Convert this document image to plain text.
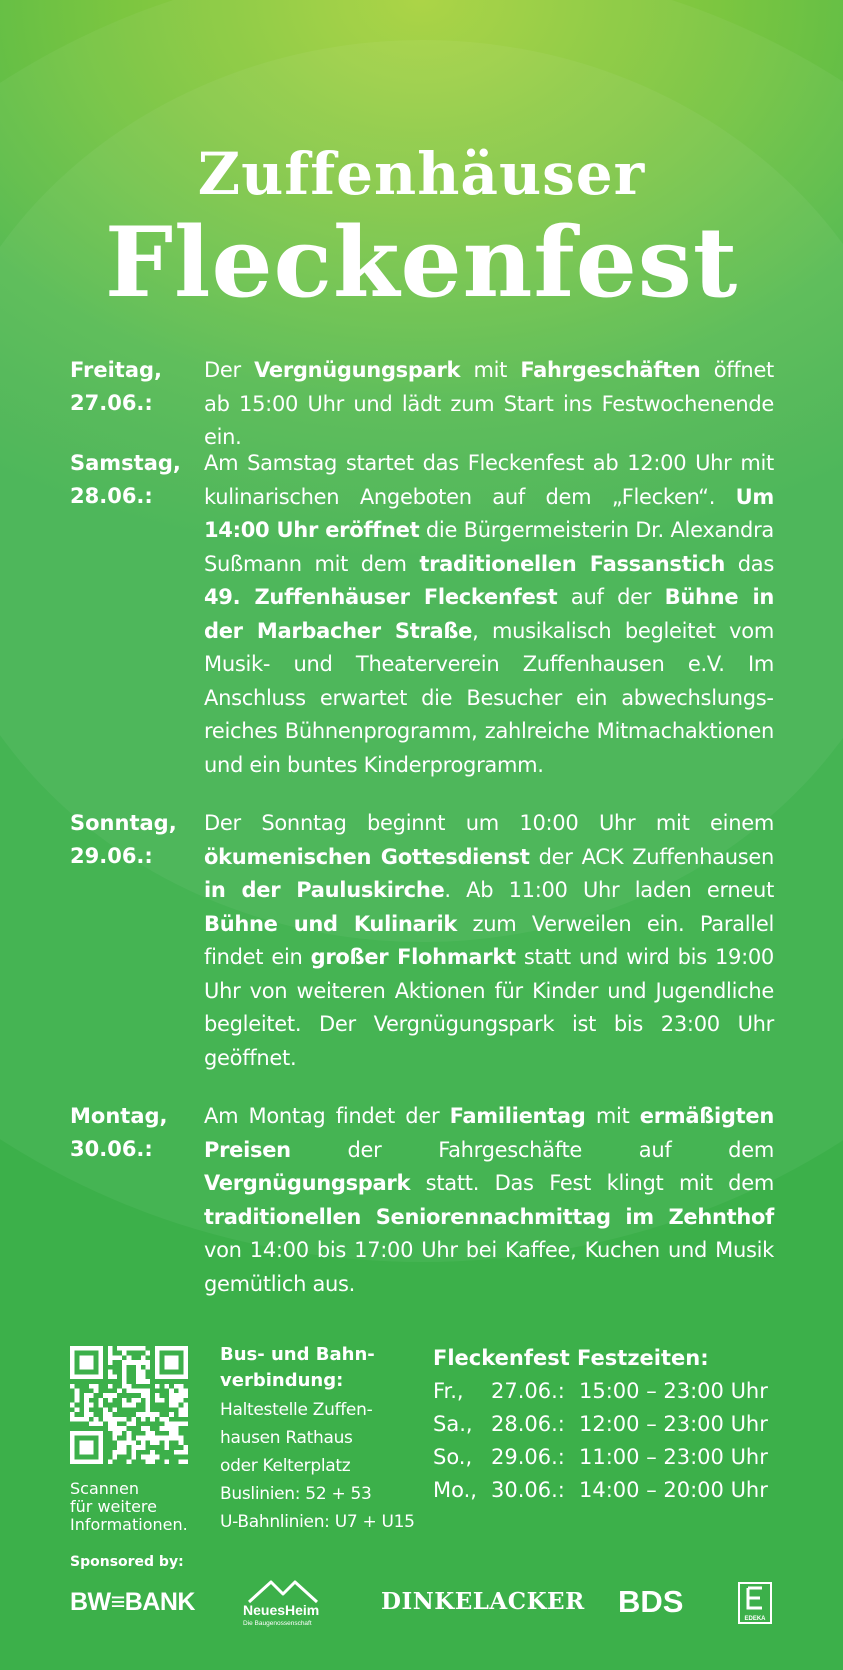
Zuffenhäuser
Fleckenfest
Freitag,
27.06.:
Der Vergnügungspark mit Fahrgeschäften öffnet ab 15:00 Uhr und lädt zum Start ins Festwochenende ein.
Samstag,
28.06.:
Am Samstag startet das Fleckenfest ab 12:00 Uhr mit kulinarischen Angeboten auf dem „Flecken“. Um 14:00 Uhr eröffnet die Bürgermeisterin Dr. Alexandra Sußmann mit dem traditionellen Fassanstich das 49. Zuffenhäuser Fleckenfest auf der Bühne in der Marbacher Straße, musikalisch begleitet vom Musik- und Theaterverein Zuffenhausen e.V. Im Anschluss erwartet die Besucher ein abwechslungsreiches Bühnenprogramm, zahlreiche Mitmachaktionen und ein buntes Kinderprogramm.
Sonntag,
29.06.:
Der Sonntag beginnt um 10:00 Uhr mit einem ökumenischen Gottesdienst der ACK Zuffenhausen in der Pauluskirche. Ab 11:00 Uhr laden erneut Bühne und Kulinarik zum Verweilen ein. Parallel findet ein großer Flohmarkt statt und wird bis 19:00 Uhr von weiteren Aktionen für Kinder und Jugendliche begleitet. Der Vergnügungspark ist bis 23:00 Uhr geöffnet.
Montag,
30.06.:
Am Montag findet der Familientag mit ermäßigten Preisen der Fahrgeschäfte auf dem Vergnügungspark statt. Das Fest klingt mit dem traditionellen Seniorennachmittag im Zehnthof von 14:00 bis 17:00 Uhr bei Kaffee, Kuchen und Musik gemütlich aus.
Scannen
für weitere
Informationen.
Bus- und Bahn-
verbindung:
Haltestelle Zuffen-
hausen Rathaus
oder Kelterplatz
Buslinien: 52 + 53
U-Bahnlinien: U7 + U15
Fleckenfest Festzeiten:
Fr.,	27.06.: 15:00 – 23:00 Uhr
Sa., 28.06.: 12:00 – 23:00 Uhr
So., 29.06.: 11:00 – 23:00 Uhr
Mo., 30.06.: 14:00 – 20:00 Uhr
Sponsored by:
BW≡BANK	NeuesHeim
Die Baugenossenschaft
DINKELACKER BDS	EDEKA
